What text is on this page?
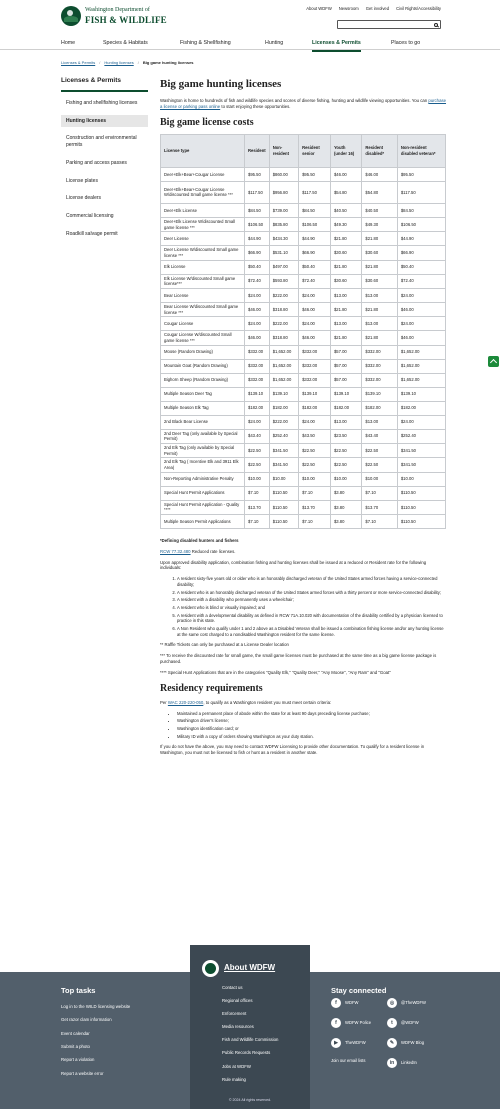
Washington Department of
FISH & WILDLIFE
About WDFW Newsroom Get involved Civil Rights/Accessibility
Home	Species & Habitats	Fishing & Shellfishing	Hunting	Licenses & Permits	Places to go
Licenses & Permits / Hunting licenses / Big game hunting licenses
Licenses & Permits
Fishing and shellfishing licenses
Hunting licenses
Construction and environmental permits
Parking and access passes
License plates
License dealers
Commercial licensing
Roadkill salvage permit
Big game hunting licenses

Washington is home to hundreds of fish and wildlife species and scores of diverse fishing, hunting and wildlife viewing opportunities. You can purchase a license or parking pass online to start enjoying these opportunities.

Big game license costs
License type	Resident	Non-resident	Resident senior	Youth (under 16)	Resident disabled*	Non-resident disabled veteran*
Deer+Elk+Bear+Cougar License	$95.50	$860.00	$95.50	$46.00	$46.00	$95.50
Deer+Elk+Bear+Cougar License W/discounted Small game license ***	$117.50	$956.80	$117.50	$54.80	$54.80	$117.50
Deer+Elk License	$84.50	$739.00	$84.50	$40.50	$40.50	$84.50
Deer+Elk License W/discounted Small game license ***	$106.50	$835.80	$106.50	$49.30	$49.30	$106.50
Deer License	$44.90	$434.30	$44.90	$21.80	$21.80	$44.90
Deer License W/discounted Small game license ***	$66.90	$531.10	$66.90	$30.60	$30.60	$66.90
Elk License	$50.40	$497.00	$50.40	$21.80	$21.80	$50.40
Elk License W/discounted Small game license***	$72.40	$593.80	$72.40	$30.60	$30.60	$72.40
Bear License	$24.00	$222.00	$24.00	$13.00	$13.00	$24.00
Bear License W/discounted Small game license ***	$46.00	$318.80	$46.00	$21.80	$21.80	$46.00
Cougar License	$24.00	$222.00	$24.00	$13.00	$13.00	$24.00
Cougar License W/discounted Small game license ***	$46.00	$318.80	$46.00	$21.80	$21.80	$46.00
Moose (Random Drawing)	$332.00	$1,652.00	$332.00	$57.00	$332.00	$1,652.00
Mountain Goat (Random Drawing)	$332.00	$1,652.00	$332.00	$57.00	$332.00	$1,652.00
Bighorn Sheep (Random Drawing)	$332.00	$1,652.00	$332.00	$57.00	$332.00	$1,652.00
Multiple Season Deer Tag	$139.10	$139.10	$139.10	$139.10	$139.10	$139.10
Multiple Season Elk Tag	$182.00	$182.00	$182.00	$182.00	$182.00	$182.00
2nd Black Bear License	$24.00	$222.00	$24.00	$13.00	$13.00	$24.00
2nd Deer Tag (only available by Special Permit)	$43.40	$252.40	$43.50	$23.50	$43.40	$252.40
2nd Elk Tag (only available by Special Permit)	$22.50	$341.50	$22.50	$22.50	$22.50	$341.50
2nd Elk Tag ( Incentive Elk and 3911 Elk Area)	$22.50	$341.50	$22.50	$22.50	$22.50	$341.50
Non-Reporting Administrative Penalty	$10.00	$10.00	$10.00	$10.00	$10.00	$10.00
Special Hunt Permit Applications	$7.10	$110.50	$7.10	$3.80	$7.10	$110.50
Special Hunt Permit Application - Quality ****	$13.70	$110.50	$13.70	$3.80	$13.70	$110.50
Multiple Season Permit Applications	$7.10	$110.50	$7.10	$3.80	$7.10	$110.50

*Defining disabled hunters and fishers

RCW 77.32.480 Reduced rate licenses.

Upon approved disability application, combination fishing and hunting licenses shall be issued at a reduced or Resident rate for the following individuals:

1. A resident sixty-five years old or older who is an honorably discharged veteran of the United States armed forces having a service-connected disability;
2. A resident who is an honorably discharged veteran of the United States armed forces with a thirty percent or more service-connected disability;
3. A resident with a disability who permanently uses a wheelchair;
4. A resident who is blind or visually impaired; and
5. A resident with a developmental disability as defined in RCW 71A.10.020 with documentation of the disability certified by a physician licensed to practice in this state.
6. A Non Resident who qualify under 1 and 2 above as a Disabled Veteran shall be issued a combination fishing license and/or any hunting license at the same cost charged to a nondisabled Washington resident for the same license.

** Raffle Tickets can only be purchased at a License Dealer location

*** To receive the discounted rate for small game, the small game licenses must be purchased at the same time as a big game license package is purchased.

**** Special Hunt Applications that are in the categories "Quality Elk," "Quality Deer," "Any Moose", "Any Ram" and "Goat"

Residency requirements

Per WAC 220-220-050, to qualify as a Washington resident you must meet certain criteria:

• Maintained a permanent place of abode within the state for at least 90 days preceding license purchase;
• Washington driver's license;
• Washington identification card; or
• Military ID with a copy of orders showing Washington as your duty station.

If you do not have the above, you may need to contact WDFW Licensing to provide other documentation. To qualify for a resident license in Washington, you must not be licensed to fish or hunt as a resident in another state.

Top tasks
Log in to the WILD licensing website
Get razor clam information
Event calendar
Submit a photo
Report a violation
Report a website error
About WDFW
Contact us
Regional offices
Enforcement
Media resources
Fish and Wildlife Commission
Public Records Requests
Jobs at WDFW
Rule making
Stay connected
f	WDFW	◎	@TheWDFW
f	WDFW Police	t	@WDFW
▶	TheWDFW	✎	WDFW Blog
Join our email lists	in	LinkedIn
© 2024 All rights reserved.
